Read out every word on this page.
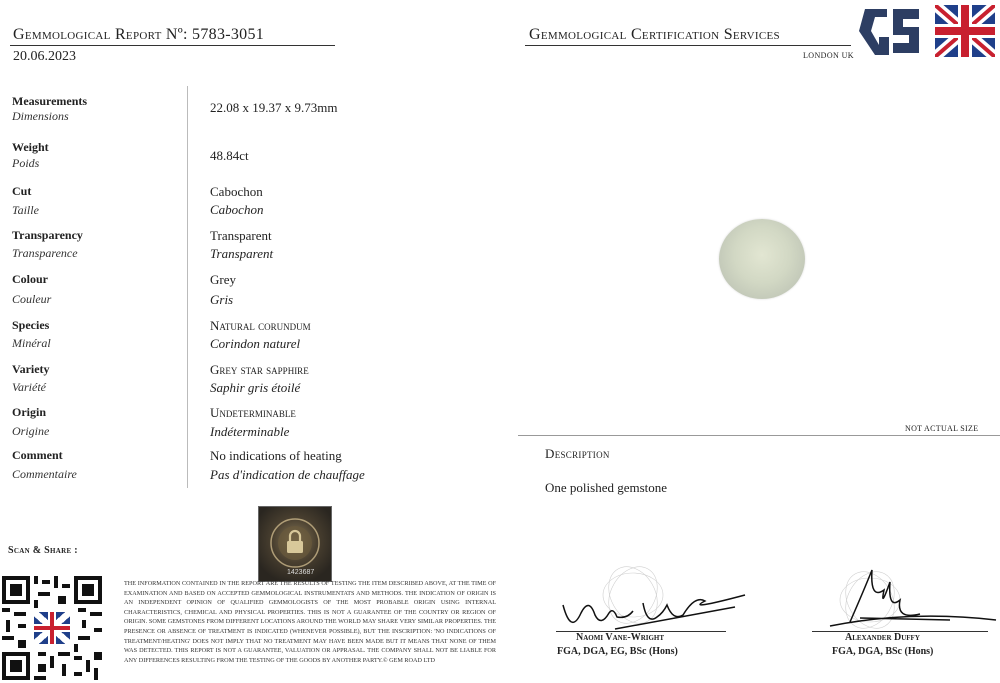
Gemmological Report Nº: 5783-3051
20.06.2023
Gemmological Certification Services
LONDON UK
Measurements
Dimensions
22.08 x 19.37 x 9.73mm
Weight
Poids	48.84ct
Cut
Taille
Cabochon
Cabochon
Transparency
Transparence
Transparent
Transparent
Colour
Couleur
Grey
Gris
Species
Minéral
Natural corundum
Corindon naturel
Variety
Variété
Grey star sapphire
Saphir gris étoilé
Origin
Origine
Undeterminable
Indéterminable
Comment
Commentaire
No indications of heating
Pas d'indication de chauffage
NOT ACTUAL SIZE
Description
One polished gemstone
Scan & Share :
1423687
THE INFORMATION CONTAINED IN THE REPORT ARE THE RESULTS OF TESTING THE ITEM DESCRIBED ABOVE, AT THE TIME OF EXAMINATION AND BASED ON ACCEPTED GEMMOLOGICAL INSTRUMENTATS AND METHODS. THE INDICATION OF ORIGIN IS AN INDEPENDENT OPINION OF QUALIFIED GEMMOLOGISTS OF THE MOST PROBABLE ORIGIN USING INTERNAL CHARACTERISTICS, CHEMICAL AND PHYSICAL PROPERTIES. THIS IS NOT A GUARANTEE OF THE COUNTRY OR REGION OF ORIGIN. SOME GEMSTONES FROM DIFFERENT LOCATIONS AROUND THE WORLD MAY SHARE VERY SIMILAR PROPERTIES. THE PRESENCE OR ABSENCE OF TREATMENT IS INDICATED (WHENEVER POSSIBLE), BUT THE INSCRIPTION: 'NO INDICATIONS OF TREATMENT/HEATING' DOES NOT IMPLY THAT NO TREATMENT MAY HAVE BEEN MADE BUT IT MEANS THAT NONE OF THEM WAS DETECTED. THIS REPORT IS NOT A GUARANTEE, VALUATION OR APPRASAL. THE COMPANY SHALL NOT BE LIABLE FOR ANY DIFFERENCES RESULTING FROM THE TESTING OF THE GOODS BY ANOTHER PARTY.© GEM ROAD LTD
Naomi Vane-Wright
FGA, DGA, EG, BSc (Hons)
Alexander Duffy
FGA, DGA, BSc (Hons)
